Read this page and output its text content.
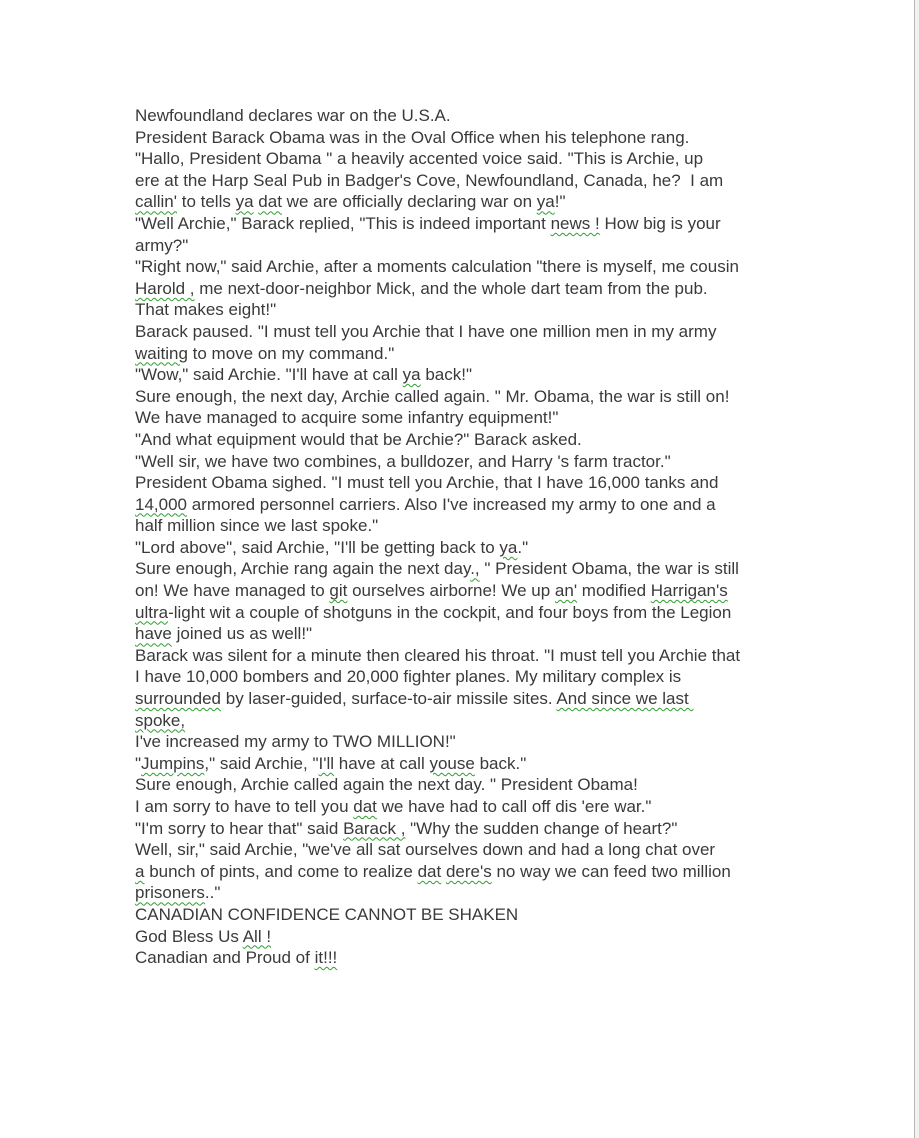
Newfoundland declares war on the U.S.A.
President Barack Obama was in the Oval Office when his telephone rang.
"Hallo, President Obama " a heavily accented voice said. "This is Archie, up
ere at the Harp Seal Pub in Badger's Cove, Newfoundland, Canada, he?  I am
callin' to tells ya dat we are officially declaring war on ya!"
"Well Archie," Barack replied, "This is indeed important news ! How big is your
army?"
"Right now," said Archie, after a moments calculation "there is myself, me cousin
Harold , me next-door-neighbor Mick, and the whole dart team from the pub.
That makes eight!"
Barack paused. "I must tell you Archie that I have one million men in my army
waiting to move on my command."
"Wow," said Archie. "I'll have at call ya back!"
Sure enough, the next day, Archie called again. " Mr. Obama, the war is still on!
We have managed to acquire some infantry equipment!"
"And what equipment would that be Archie?" Barack asked.
"Well sir, we have two combines, a bulldozer, and Harry 's farm tractor."
President Obama sighed. "I must tell you Archie, that I have 16,000 tanks and
14,000 armored personnel carriers. Also I've increased my army to one and a
half million since we last spoke."
"Lord above", said Archie, "I'll be getting back to ya."
Sure enough, Archie rang again the next day., " President Obama, the war is still
on! We have managed to git ourselves airborne! We up an' modified Harrigan's
ultra-light wit a couple of shotguns in the cockpit, and four boys from the Legion
have joined us as well!"
Barack was silent for a minute then cleared his throat. "I must tell you Archie that
I have 10,000 bombers and 20,000 fighter planes. My military complex is
surrounded by laser-guided, surface-to-air missile sites. And since we last
spoke,
I've increased my army to TWO MILLION!"
"Jumpins," said Archie, "I'll have at call youse back."
Sure enough, Archie called again the next day. " President Obama!
I am sorry to have to tell you dat we have had to call off dis 'ere war."
"I'm sorry to hear that" said Barack , "Why the sudden change of heart?"
Well, sir," said Archie, "we've all sat ourselves down and had a long chat over
a bunch of pints, and come to realize dat dere's no way we can feed two million
prisoners.."
CANADIAN CONFIDENCE CANNOT BE SHAKEN
God Bless Us All !
Canadian and Proud of it!!!
